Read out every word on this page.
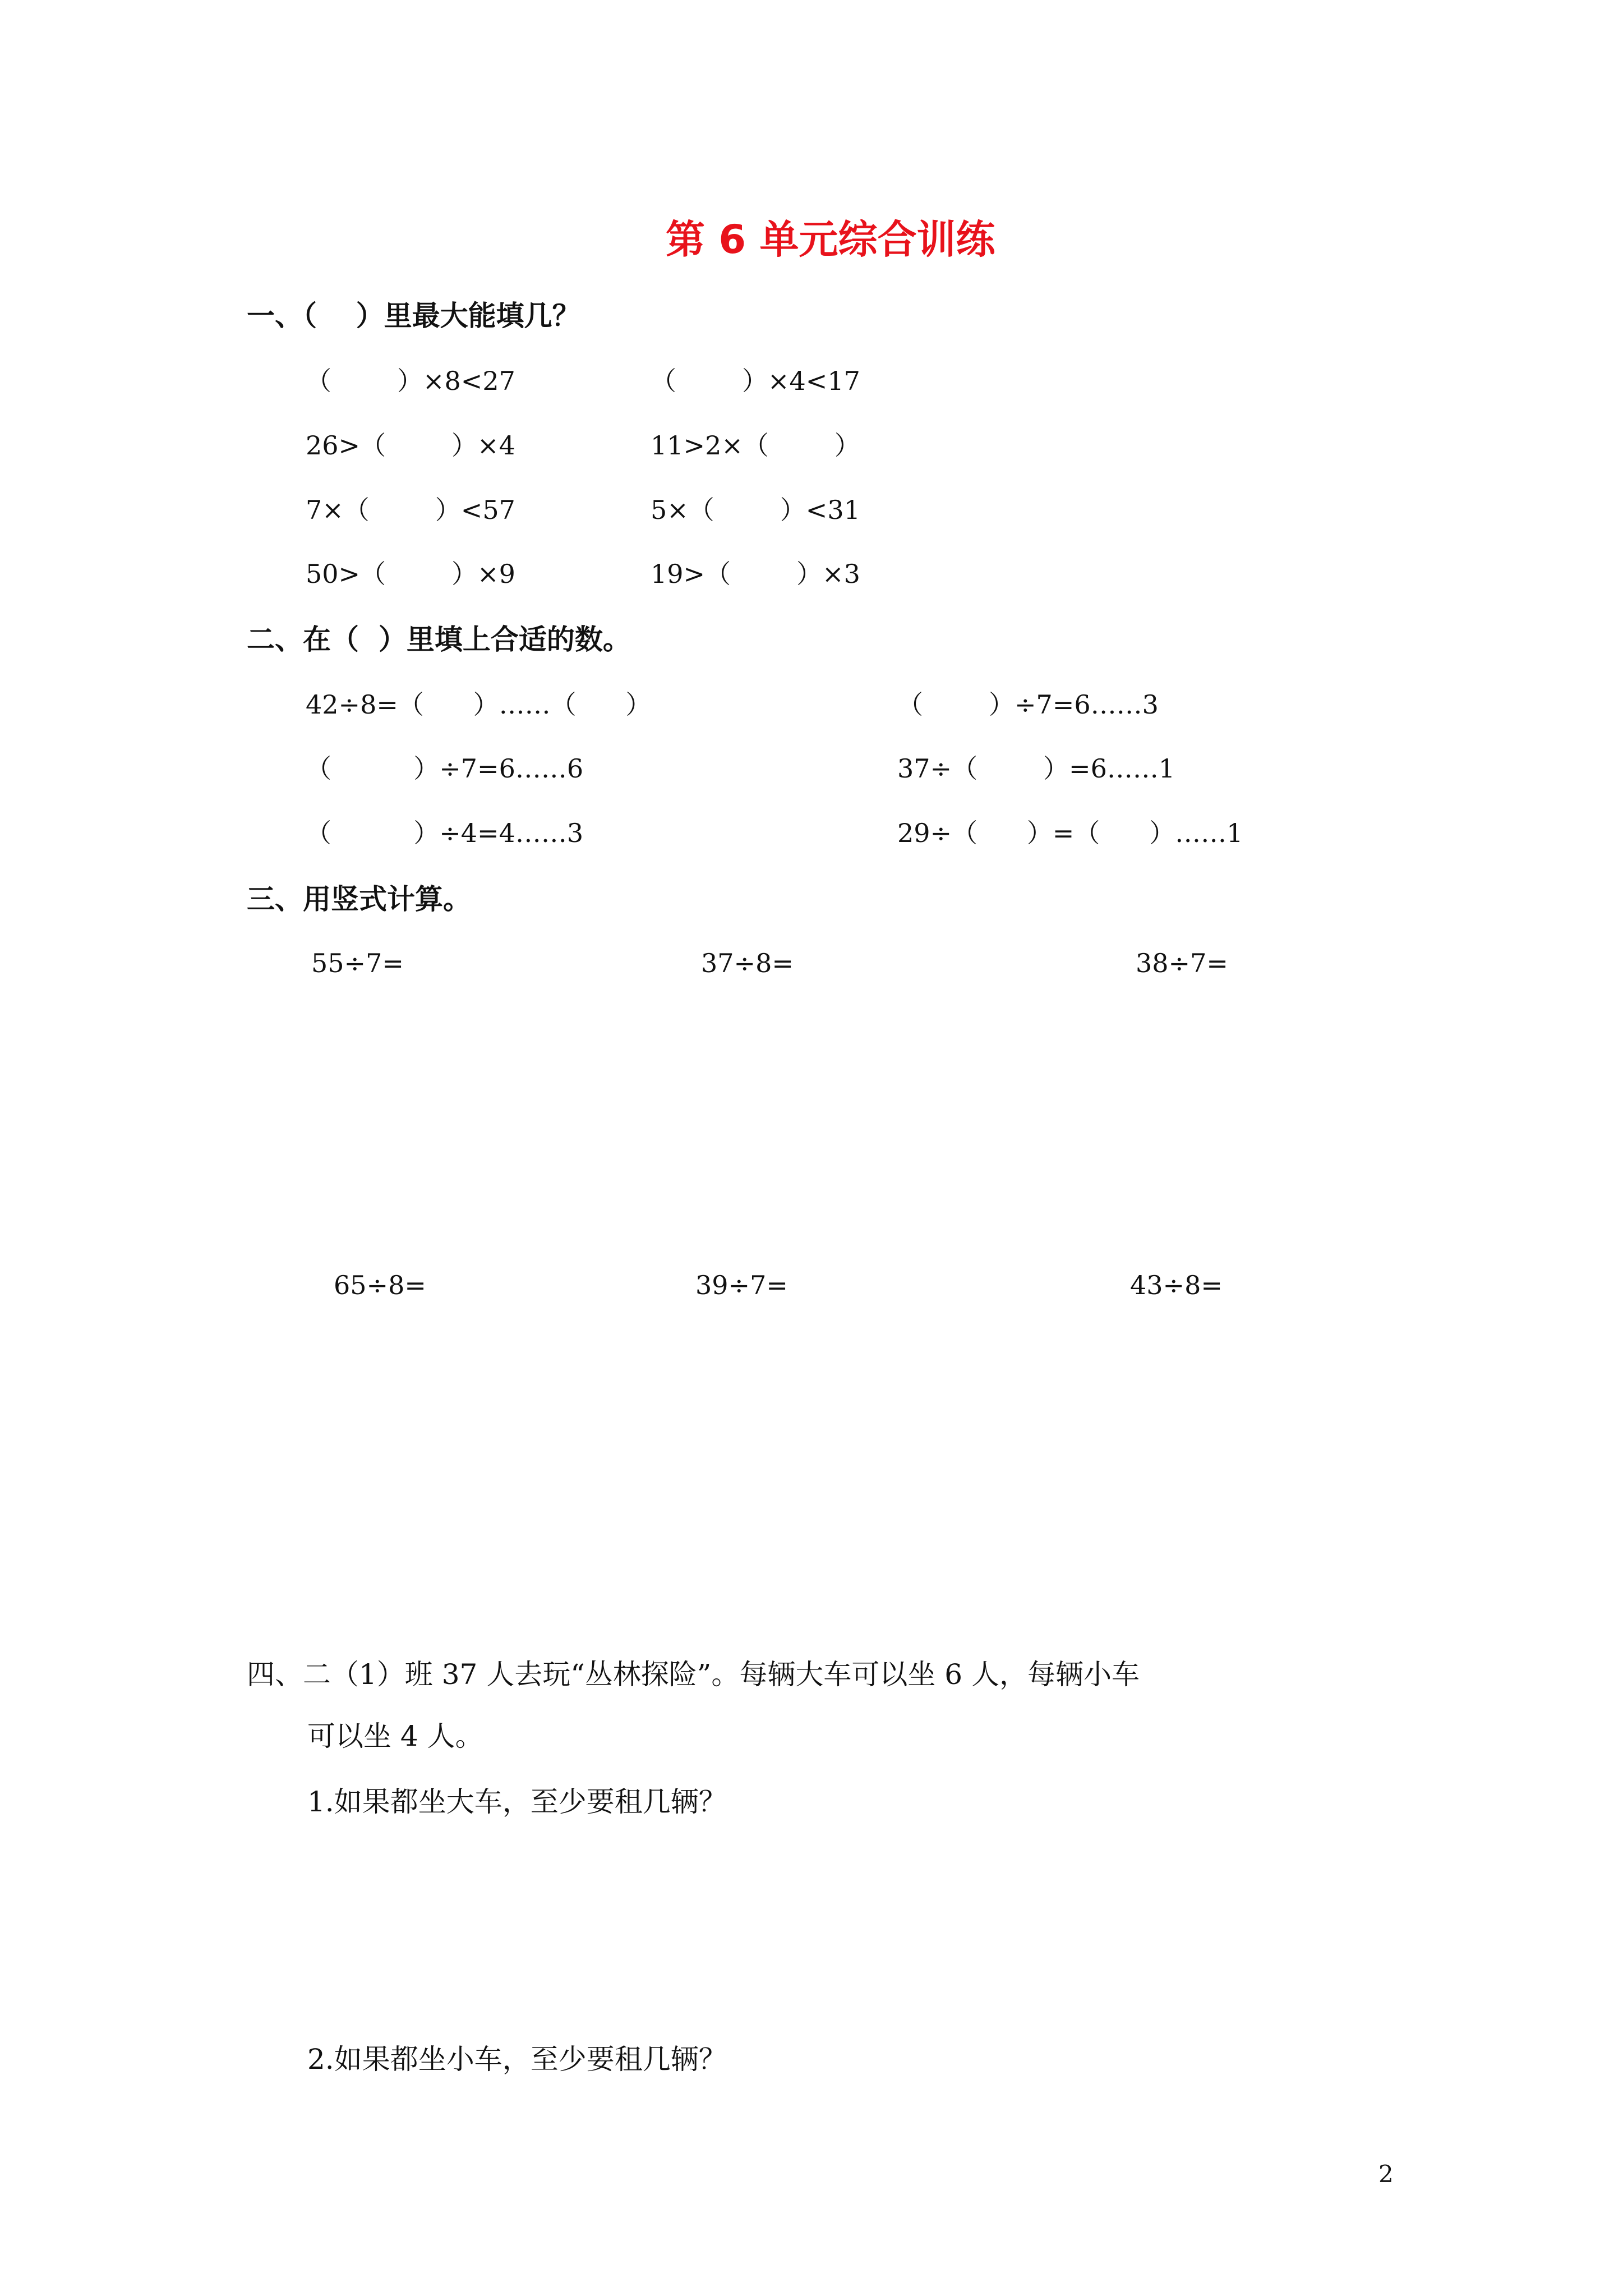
第 6 单元综合训练
一、（    ）里最大能填几？
（        ）×8<27	（        ）×4<17
26>（        ）×4	11>2×（        ）
7×（        ）<57	5×（        ）<31
50>（        ）×9	19>（        ）×3
二、在（  ）里填上合适的数。
42÷8=（      ）……（      ）	（        ）÷7=6……3
（          ）÷7=6……6	37÷（        ）=6……1
（          ）÷4=4……3	29÷（      ）=（      ）……1
三、用竖式计算。
55÷7=	37÷8=	38÷7=
65÷8=	39÷7=	43÷8=
四、二（1）班 37 人去玩“丛林探险”。每辆大车可以坐 6 人，每辆小车
可以坐 4 人。
1.如果都坐大车，至少要租几辆？
2.如果都坐小车，至少要租几辆？
2
